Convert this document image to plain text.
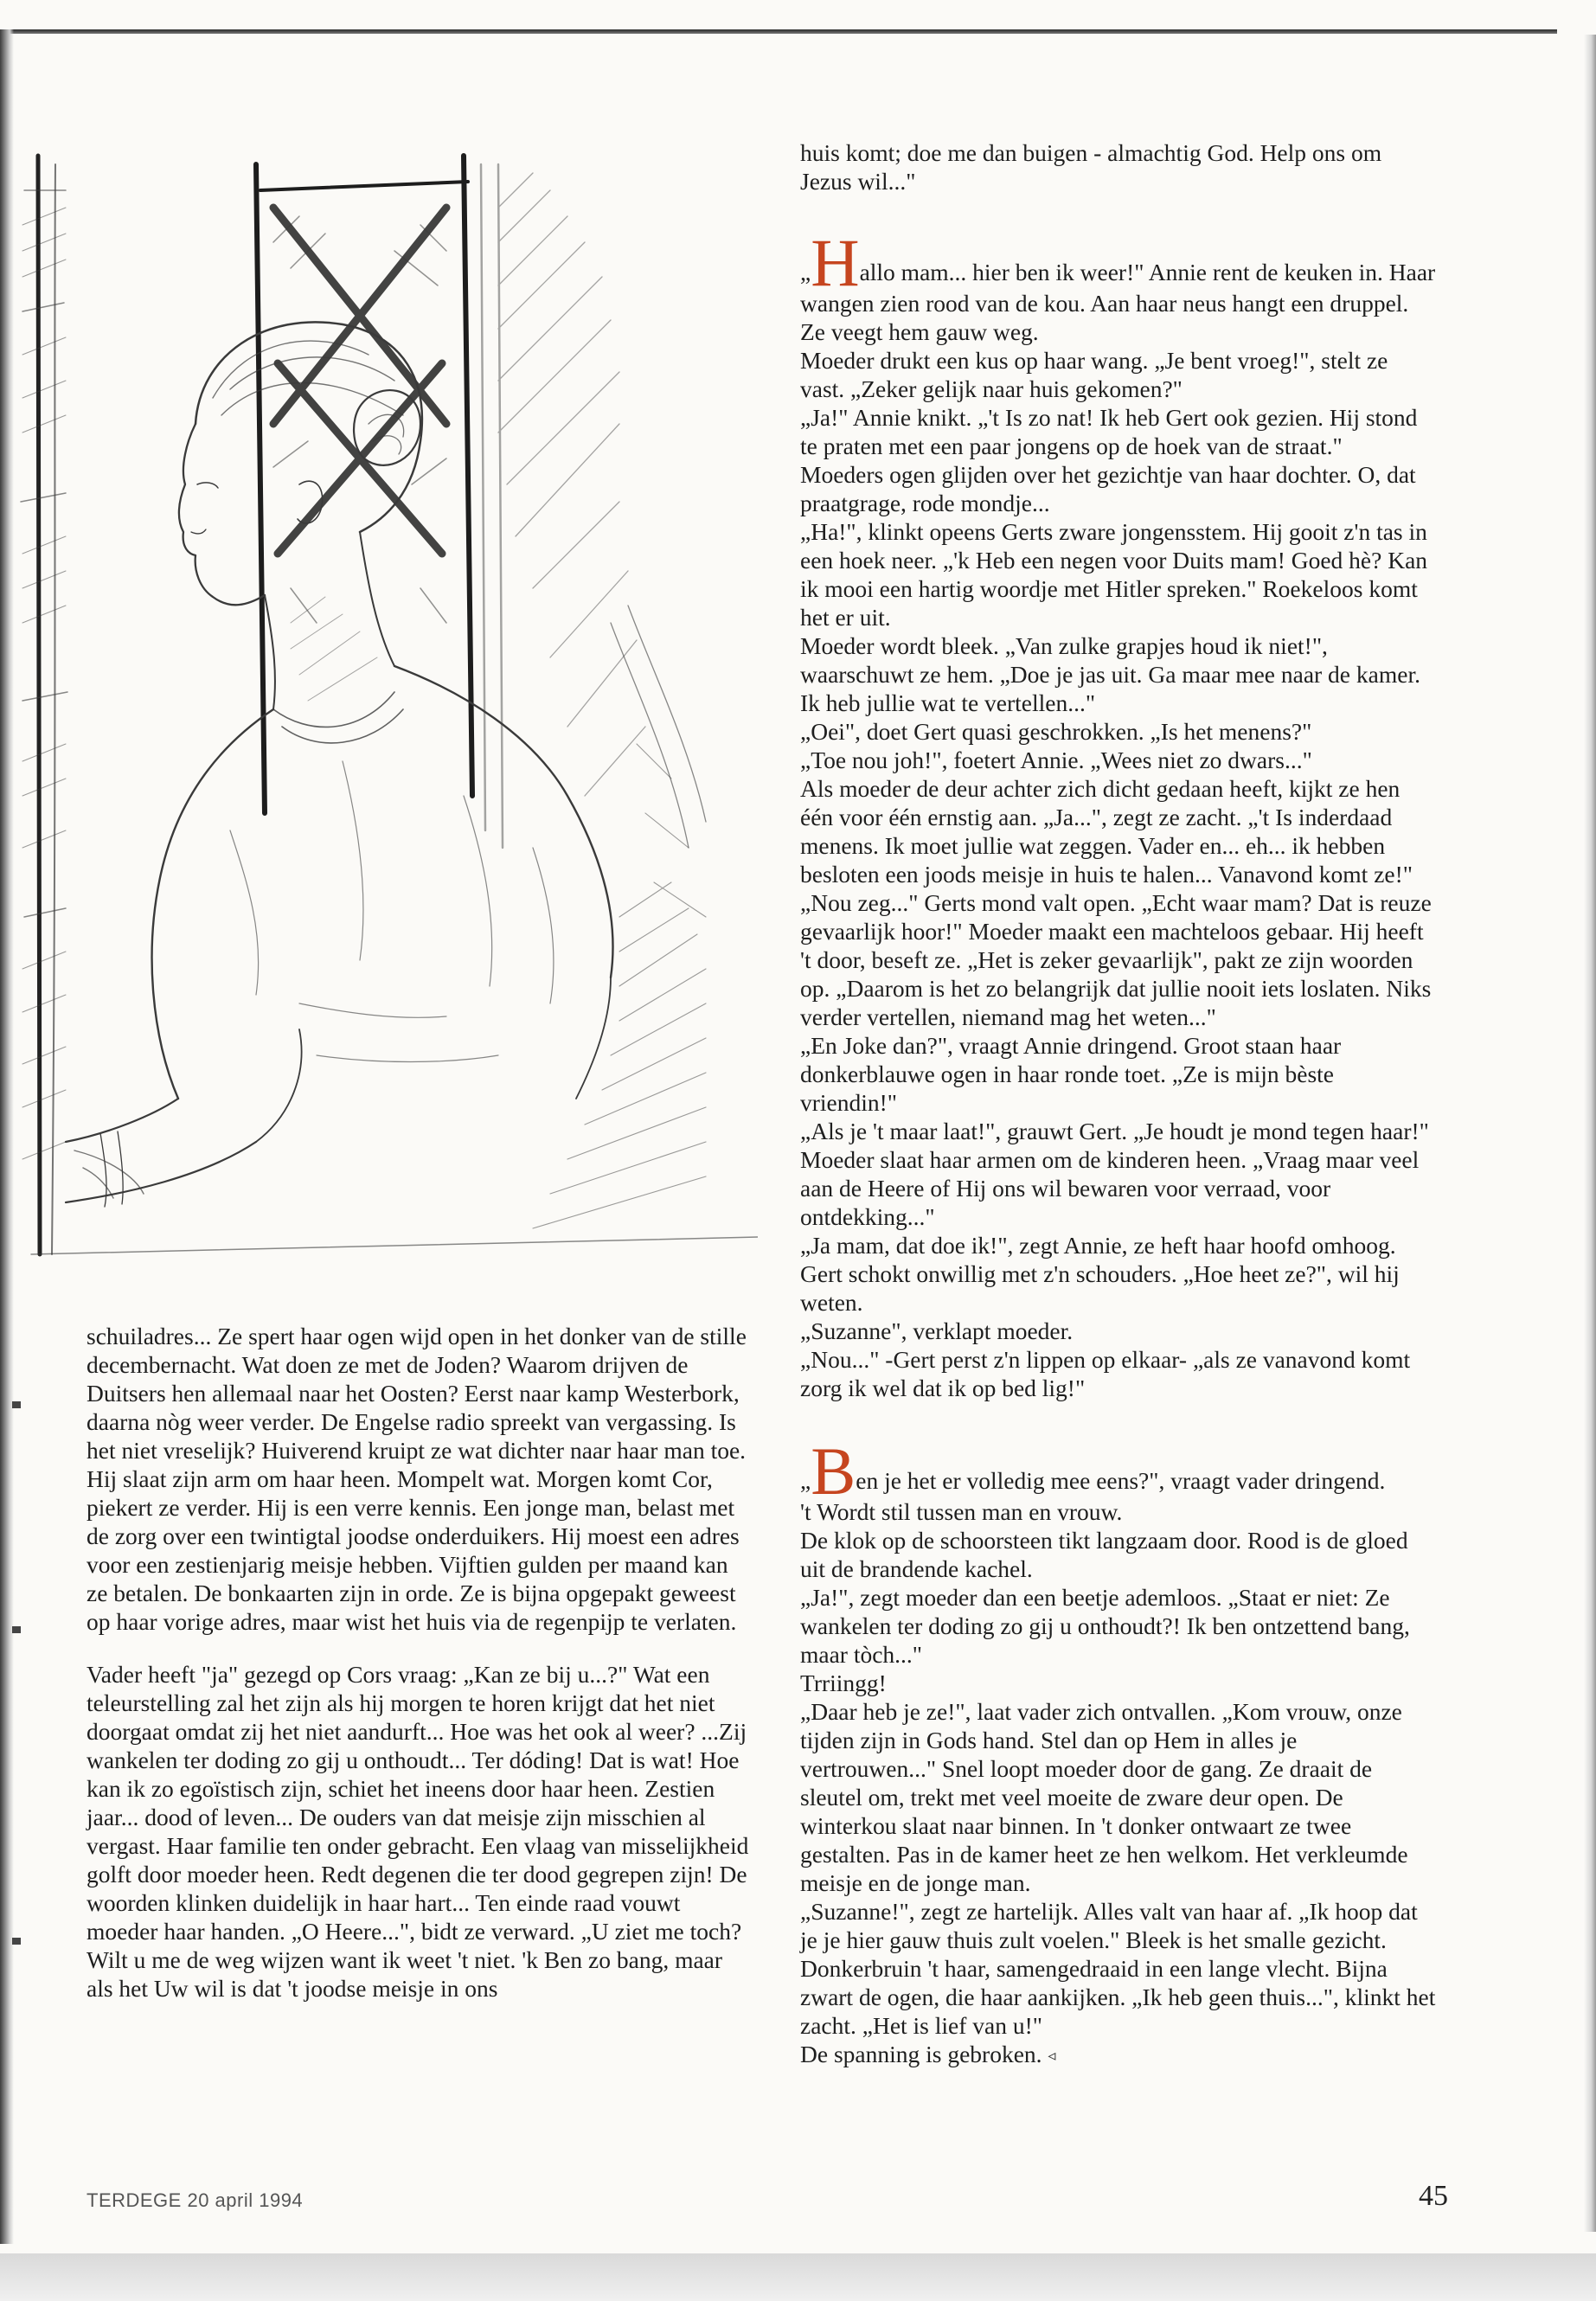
schuiladres... Ze spert haar ogen wijd open in het donker van de stille decembernacht. Wat doen ze met de Joden? Waarom drijven de Duitsers hen allemaal naar het Oosten? Eerst naar kamp Westerbork, daarna nòg weer verder. De Engelse radio spreekt van vergassing. Is het niet vreselijk? Huiverend kruipt ze wat dichter naar haar man toe. Hij slaat zijn arm om haar heen. Mompelt wat. Morgen komt Cor, piekert ze verder. Hij is een verre kennis. Een jonge man, belast met de zorg over een twintigtal joodse onderduikers. Hij moest een adres voor een zestienjarig meisje hebben. Vijftien gulden per maand kan ze betalen. De bonkaarten zijn in orde. Ze is bijna opgepakt geweest op haar vorige adres, maar wist het huis via de regenpijp te verlaten.

Vader heeft "ja" gezegd op Cors vraag: „Kan ze bij u...?" Wat een teleurstelling zal het zijn als hij morgen te horen krijgt dat het niet doorgaat omdat zij het niet aandurft... Hoe was het ook al weer? ...Zij wankelen ter doding zo gij u onthoudt... Ter dóding! Dat is wat! Hoe kan ik zo egoïstisch zijn, schiet het ineens door haar heen. Zestien jaar... dood of leven... De ouders van dat meisje zijn misschien al vergast. Haar familie ten onder gebracht. Een vlaag van misselijkheid golft door moeder heen. Redt degenen die ter dood gegrepen zijn! De woorden klinken duidelijk in haar hart... Ten einde raad vouwt moeder haar handen. „O Heere...", bidt ze verward. „U ziet me toch? Wilt u me de weg wijzen want ik weet 't niet. 'k Ben zo bang, maar als het Uw wil is dat 't joodse meisje in ons

huis komt; doe me dan buigen - almachtig God. Help ons om Jezus wil..."

„Hallo mam... hier ben ik weer!" Annie rent de keuken in. Haar wangen zien rood van de kou. Aan haar neus hangt een druppel. Ze veegt hem gauw weg.

Moeder drukt een kus op haar wang. „Je bent vroeg!", stelt ze vast. „Zeker gelijk naar huis gekomen?"

„Ja!" Annie knikt. „'t Is zo nat! Ik heb Gert ook gezien. Hij stond te praten met een paar jongens op de hoek van de straat."

Moeders ogen glijden over het gezichtje van haar dochter. O, dat praatgrage, rode mondje...

„Ha!", klinkt opeens Gerts zware jongensstem. Hij gooit z'n tas in een hoek neer. „'k Heb een negen voor Duits mam! Goed hè? Kan ik mooi een hartig woordje met Hitler spreken." Roekeloos komt het er uit.

Moeder wordt bleek. „Van zulke grapjes houd ik niet!", waarschuwt ze hem. „Doe je jas uit. Ga maar mee naar de kamer. Ik heb jullie wat te vertellen..."

„Oei", doet Gert quasi geschrokken. „Is het menens?"

„Toe nou joh!", foetert Annie. „Wees niet zo dwars..."

Als moeder de deur achter zich dicht gedaan heeft, kijkt ze hen één voor één ernstig aan. „Ja...", zegt ze zacht. „'t Is inderdaad menens. Ik moet jullie wat zeggen. Vader en... eh... ik hebben besloten een joods meisje in huis te halen... Vanavond komt ze!"

„Nou zeg..." Gerts mond valt open. „Echt waar mam? Dat is reuze gevaarlijk hoor!" Moeder maakt een machteloos gebaar. Hij heeft 't door, beseft ze. „Het is zeker gevaarlijk", pakt ze zijn woorden op. „Daarom is het zo belangrijk dat jullie nooit iets loslaten. Niks verder vertellen, niemand mag het weten..."

„En Joke dan?", vraagt Annie dringend. Groot staan haar donkerblauwe ogen in haar ronde toet. „Ze is mijn bèste vriendin!"

„Als je 't maar laat!", grauwt Gert. „Je houdt je mond tegen haar!" Moeder slaat haar armen om de kinderen heen. „Vraag maar veel aan de Heere of Hij ons wil bewaren voor verraad, voor ontdekking..."

„Ja mam, dat doe ik!", zegt Annie, ze heft haar hoofd omhoog. Gert schokt onwillig met z'n schouders. „Hoe heet ze?", wil hij weten.

„Suzanne", verklapt moeder.

„Nou..." -Gert perst z'n lippen op elkaar- „als ze vanavond komt zorg ik wel dat ik op bed lig!"

„Ben je het er volledig mee eens?", vraagt vader dringend.

't Wordt stil tussen man en vrouw.

De klok op de schoorsteen tikt langzaam door. Rood is de gloed uit de brandende kachel.

„Ja!", zegt moeder dan een beetje ademloos. „Staat er niet: Ze wankelen ter doding zo gij u onthoudt?! Ik ben ontzettend bang, maar tòch..."

Trriingg!

„Daar heb je ze!", laat vader zich ontvallen. „Kom vrouw, onze tijden zijn in Gods hand. Stel dan op Hem in alles je vertrouwen..." Snel loopt moeder door de gang. Ze draait de sleutel om, trekt met veel moeite de zware deur open. De winterkou slaat naar binnen. In 't donker ontwaart ze twee gestalten. Pas in de kamer heet ze hen welkom. Het verkleumde meisje en de jonge man.

„Suzanne!", zegt ze hartelijk. Alles valt van haar af. „Ik hoop dat je je hier gauw thuis zult voelen." Bleek is het smalle gezicht. Donkerbruin 't haar, samengedraaid in een lange vlecht. Bijna zwart de ogen, die haar aankijken. „Ik heb geen thuis...", klinkt het zacht. „Het is lief van u!"

De spanning is gebroken. ◃

TERDEGE 20 april 1994	45
